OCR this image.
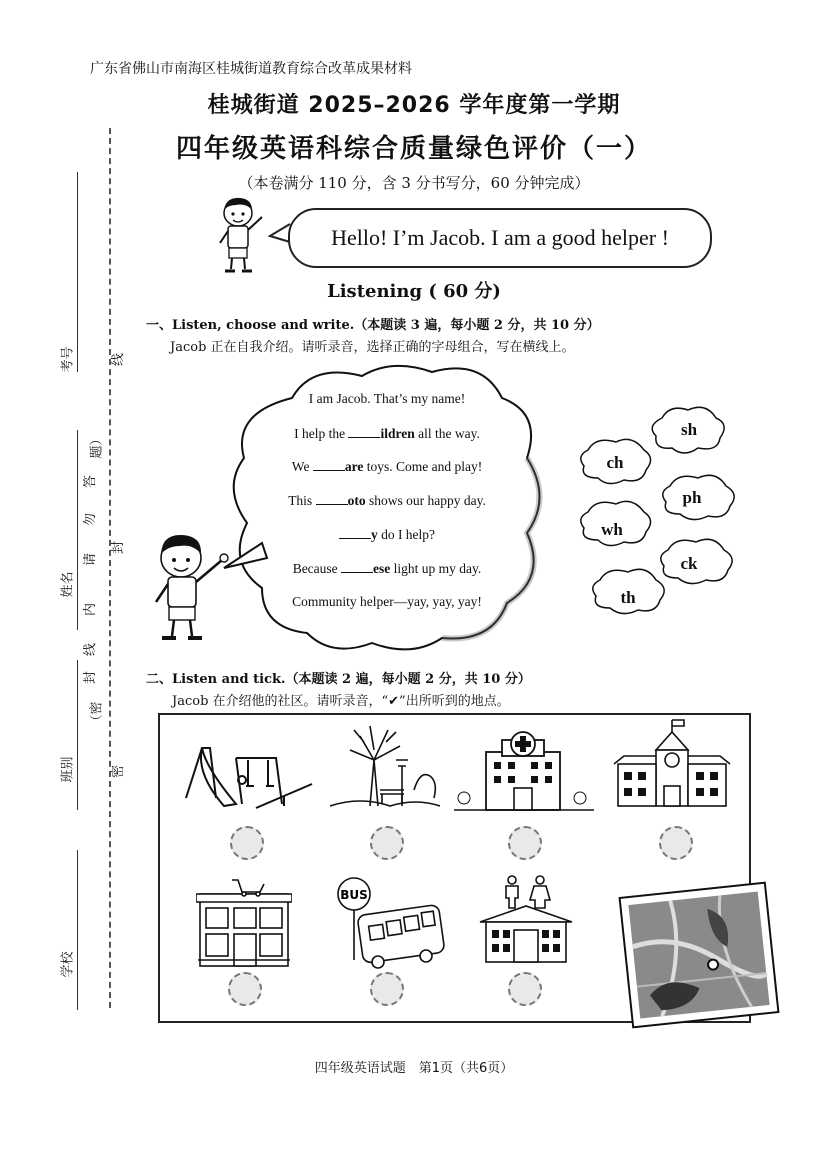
广东省佛山市南海区桂城街道教育综合改革成果材料
桂城街道 2025–2026 学年度第一学期
四年级英语科综合质量绿色评价（一）
（本卷满分 110 分，含 3 分书写分，60 分钟完成）
考号
姓名
班别
学校
线
（密
封
线
内
请
勿
答
题）
封
密
Hello! I’m Jacob. I am a good helper !
Listening ( 60 分)
一、Listen, choose and write.（本题读 3 遍，每小题 2 分，共 10 分）
Jacob 正在自我介绍。请听录音，选择正确的字母组合，写在横线上。
I am Jacob. That’s my name!
I help the ildren all the way.
We are toys. Come and play!
This oto shows our happy day.
y do I help?
Because ese light up my day.
Community helper—yay, yay, yay!
sh
ch
ph
wh
ck
th
二、Listen and tick.（本题读 2 遍，每小题 2 分，共 10 分）
Jacob 在介绍他的社区。请听录音，“✔”出所听到的地点。
BUS
四年级英语试题　第1页（共6页）
